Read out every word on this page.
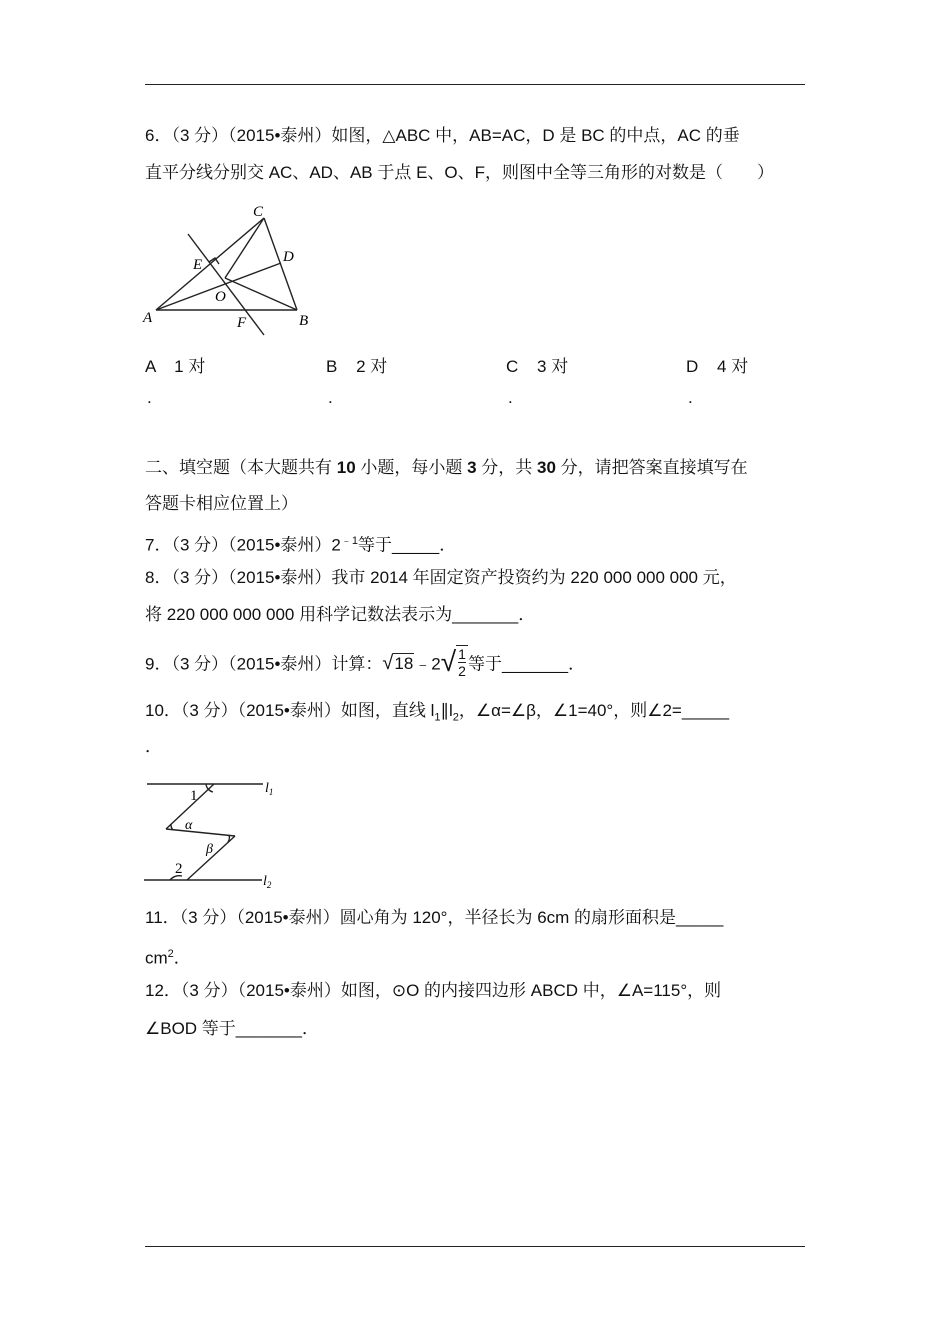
6．（3 分）（2015•泰州）如图，△ABC 中，AB=AC，D 是 BC 的中点，AC 的垂
直平分线分别交 AC、AD、AB 于点 E、O、F，则图中全等三角形的对数是（　　）
C
D
E
O
A	F	B
A 1 对	B 2 对	C 3 对	D 4 对
.	.	.	.
二、填空题（本大题共有 10 小题，每小题 3 分，共 30 分，请把答案直接填写在
答题卡相应位置上）
7．（3 分）（2015•泰州）$2^{﹣1}$等于_____．
8．（3 分）（2015•泰州）我市 2014 年固定资产投资约为 220 000 000 000 元，
将 220 000 000 000 用科学记数法表示为_______．
9．（3 分）（2015•泰州）计算：√18﹣2√ $\frac{1}{2}$ 等于_______．
10．（3 分）（2015•泰州）如图，直线 $l_1\parallel l_2$，∠α=∠β，∠1=40°，则∠2=_____
．
1
α
β
2
$l_1$
$l_2$
11．（3 分）（2015•泰州）圆心角为 120°，半径长为 6cm 的扇形面积是_____
$cm^2$．
12．（3 分）（2015•泰州）如图，⊙O 的内接四边形 ABCD 中，∠A=115°，则
∠BOD 等于_______．
